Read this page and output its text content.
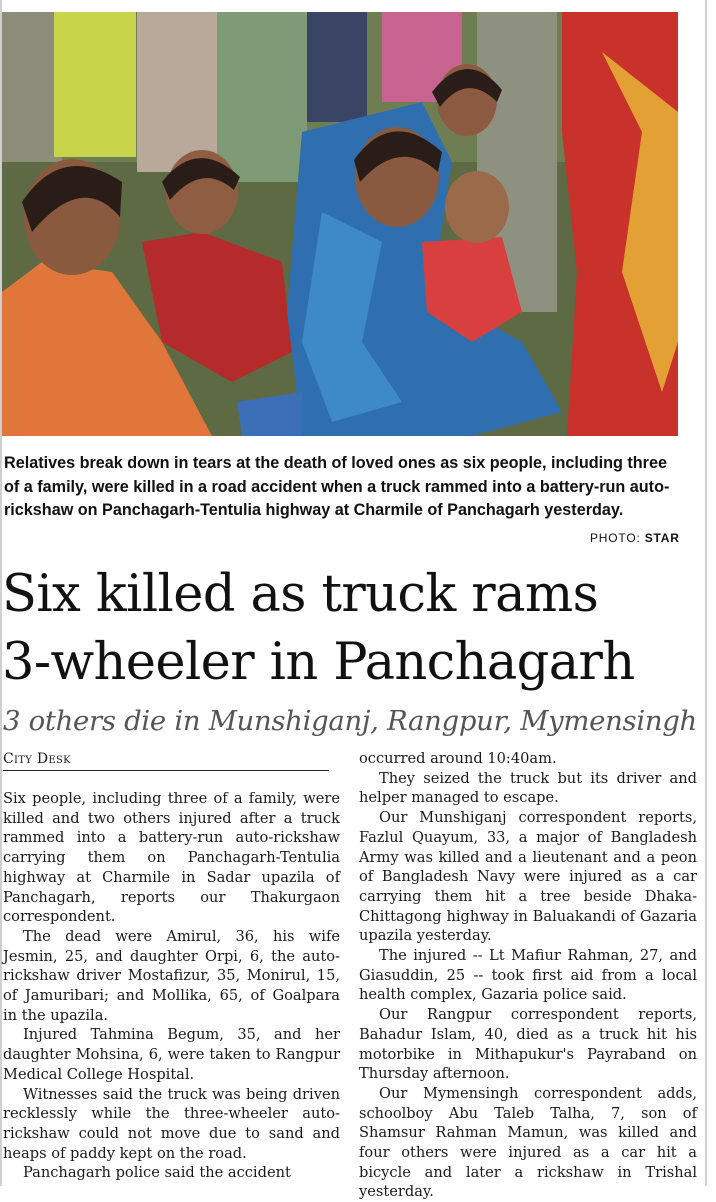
Relatives break down in tears at the death of loved ones as six people, including three of a family, were killed in a road accident when a truck rammed into a battery-run auto-rickshaw on Panchagarh-Tentulia highway at Charmile of Panchagarh yesterday.
PHOTO: STAR
Six killed as truck rams
3-wheeler in Panchagarh
3 others die in Munshiganj, Rangpur, Mymensingh
City Desk

Six people, including three of a family, were killed and two others injured after a truck rammed into a battery-run auto-rickshaw carrying them on Panchagarh-Tentulia highway at Charmile in Sadar upazila of Panchagarh, reports our Thakurgaon correspondent.

The dead were Amirul, 36, his wife Jesmin, 25, and daughter Orpi, 6, the auto-rickshaw driver Mostafizur, 35, Monirul, 15, of Jamuribari; and Mollika, 65, of Goalpara in the upazila.

Injured Tahmina Begum, 35, and her daughter Mohsina, 6, were taken to Rangpur Medical College Hospital.

Witnesses said the truck was being driven recklessly while the three-wheeler auto-rickshaw could not move due to sand and heaps of paddy kept on the road.

Panchagarh police said the accident

occurred around 10:40am.

They seized the truck but its driver and helper managed to escape.

Our Munshiganj correspondent reports, Fazlul Quayum, 33, a major of Bangladesh Army was killed and a lieutenant and a peon of Bangladesh Navy were injured as a car carrying them hit a tree beside Dhaka-Chittagong highway in Baluakandi of Gazaria upazila yesterday.

The injured -- Lt Mafiur Rahman, 27, and Giasuddin, 25 -- took first aid from a local health complex, Gazaria police said.

Our Rangpur correspondent reports, Bahadur Islam, 40, died as a truck hit his motorbike in Mithapukur's Payraband on Thursday afternoon.

Our Mymensingh correspondent adds, schoolboy Abu Taleb Talha, 7, son of Shamsur Rahman Mamun, was killed and four others were injured as a car hit a bicycle and later a rickshaw in Trishal yesterday.
